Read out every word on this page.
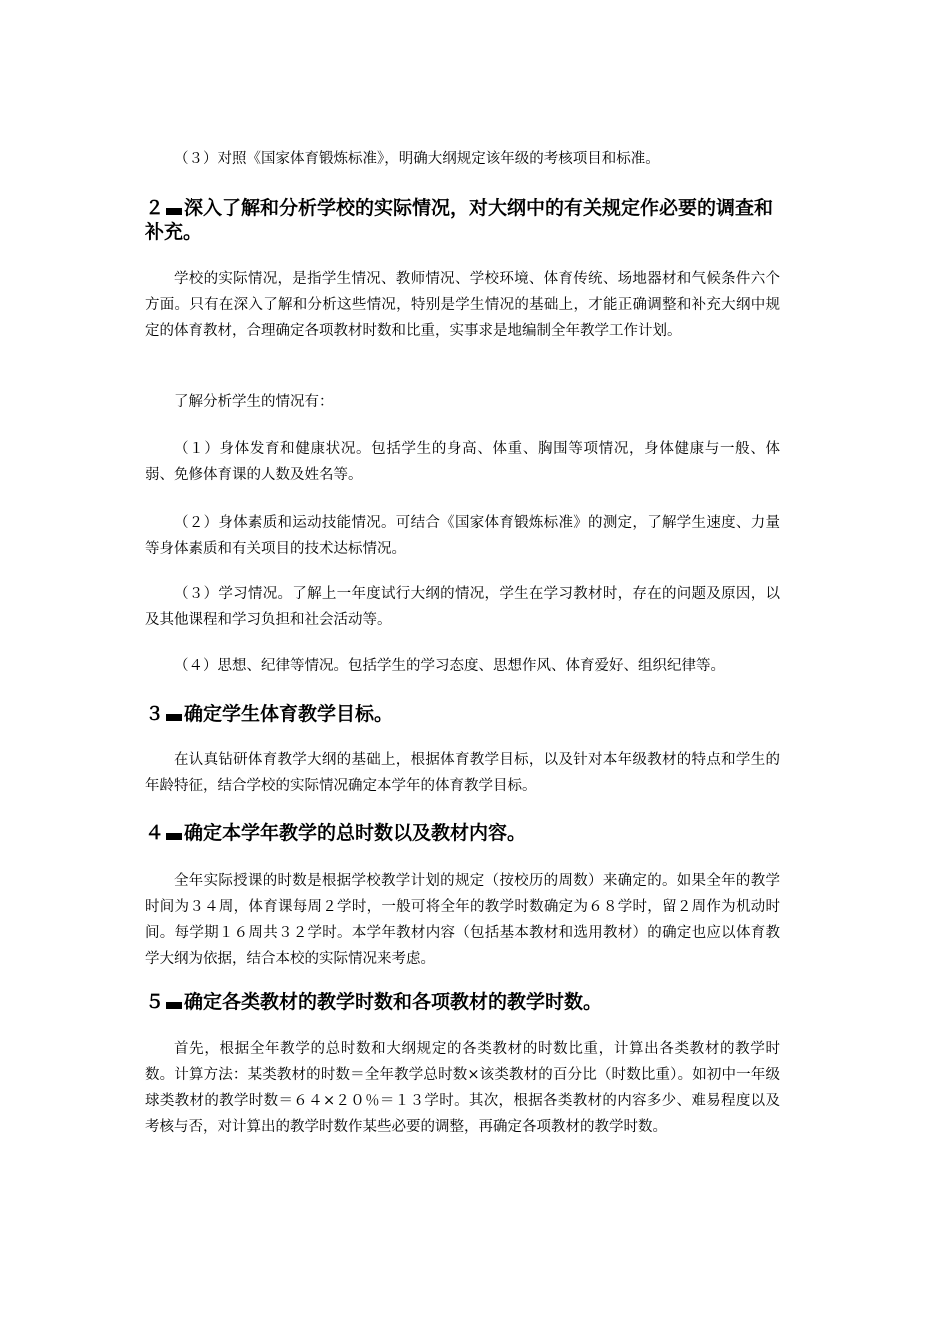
（３）对照《国家体育锻炼标准》，明确大纲规定该年级的考核项目和标准。

２ 深入了解和分析学校的实际情况，对大纲中的有关规定作必要的调查和补充。

学校的实际情况，是指学生情况、教师情况、学校环境、体育传统、场地器材和气候条件六个方面。只有在深入了解和分析这些情况，特别是学生情况的基础上，才能正确调整和补充大纲中规定的体育教材，合理确定各项教材时数和比重，实事求是地编制全年教学工作计划。

了解分析学生的情况有：

（１）身体发育和健康状况。包括学生的身高、体重、胸围等项情况，身体健康与一般、体弱、免修体育课的人数及姓名等。

（２）身体素质和运动技能情况。可结合《国家体育锻炼标准》的测定，了解学生速度、力量等身体素质和有关项目的技术达标情况。

（３）学习情况。了解上一年度试行大纲的情况，学生在学习教材时，存在的问题及原因，以及其他课程和学习负担和社会活动等。

（４）思想、纪律等情况。包括学生的学习态度、思想作风、体育爱好、组织纪律等。

３ 确定学生体育教学目标。

在认真钻研体育教学大纲的基础上，根据体育教学目标，以及针对本年级教材的特点和学生的年龄特征，结合学校的实际情况确定本学年的体育教学目标。

４ 确定本学年教学的总时数以及教材内容。

全年实际授课的时数是根据学校教学计划的规定（按校历的周数）来确定的。如果全年的教学时间为３４周，体育课每周２学时，一般可将全年的教学时数确定为６８学时，留２周作为机动时间。每学期１６周共３２学时。本学年教材内容（包括基本教材和选用教材）的确定也应以体育教学大纲为依据，结合本校的实际情况来考虑。

５ 确定各类教材的教学时数和各项教材的教学时数。

首先，根据全年教学的总时数和大纲规定的各类教材的时数比重，计算出各类教材的教学时数。计算方法：某类教材的时数＝全年教学总时数×该类教材的百分比（时数比重）。如初中一年级球类教材的教学时数＝６４×２０％＝１３学时。其次，根据各类教材的内容多少、难易程度以及考核与否，对计算出的教学时数作某些必要的调整，再确定各项教材的教学时数。
